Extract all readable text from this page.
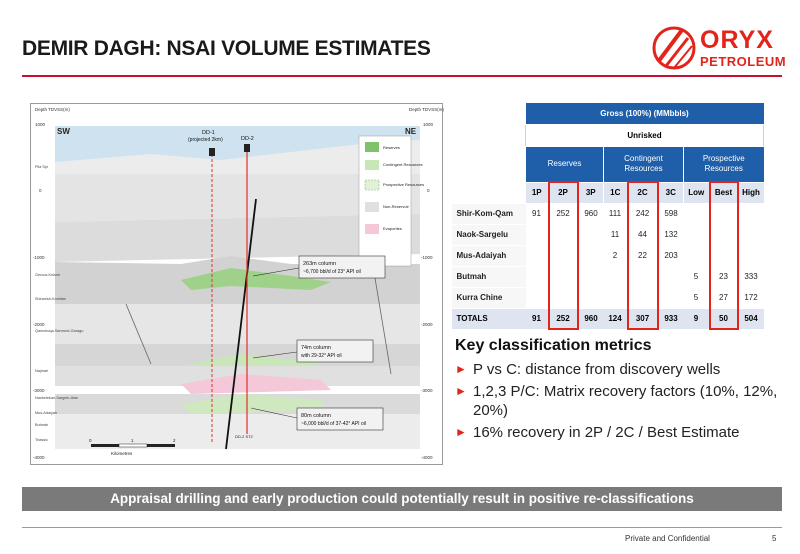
DEMIR DAGH: NSAI VOLUME ESTIMATES	ORYX
PETROLEUM
Depth TDVSS(m)	Depth TDVSS(m)
SW	NE
DD-1
(projected 2km)	DD-2
1000
0
-1000
-2000
-3000
-4000
1000
0
-1000
-2000
-3000
-4000
Pila Spi
Gercus-Kolosh
Shiranish-Komitan
Qamchuqa-Sarmord-Garagu
Najmah
Naokelekan-Sargelu-Alan
Mus-Adaiyah
Butmah
Triassic
Reserves
Contingent Resources
Prospective Resources
Non-Reservoir
Evaporites
263m column
~6,700 bbl/d of 23° API oil
74m column
with 29-32° API oil
80m column
~6,000 bbl/d of 37-42° API oil
0	1	2
Kilometres
DD-2 ST2
	Gross (100%) (MMbbls)								
	Unrisked								
	Reserves			Contingent Resources			Prospective Resources		
	1P	2P	3P	1C	2C	3C	Low	Best	High
Shir-Kom-Qam	91	252	960	111	242	598			
Naok-Sargelu				11	44	132			
Mus-Adaiyah				2	22	203			
Butmah							5	23	333
Kurra Chine							5	27	172
TOTALS	91	252	960	124	307	933	9	50	504
Key classification metrics
► P vs C: distance from discovery wells
► 1,2,3 P/C: Matrix recovery factors (10%, 12%, 20%)
► 16% recovery in 2P / 2C / Best Estimate
Appraisal drilling and early production could potentially result in positive re-classifications
Private and Confidential	5
